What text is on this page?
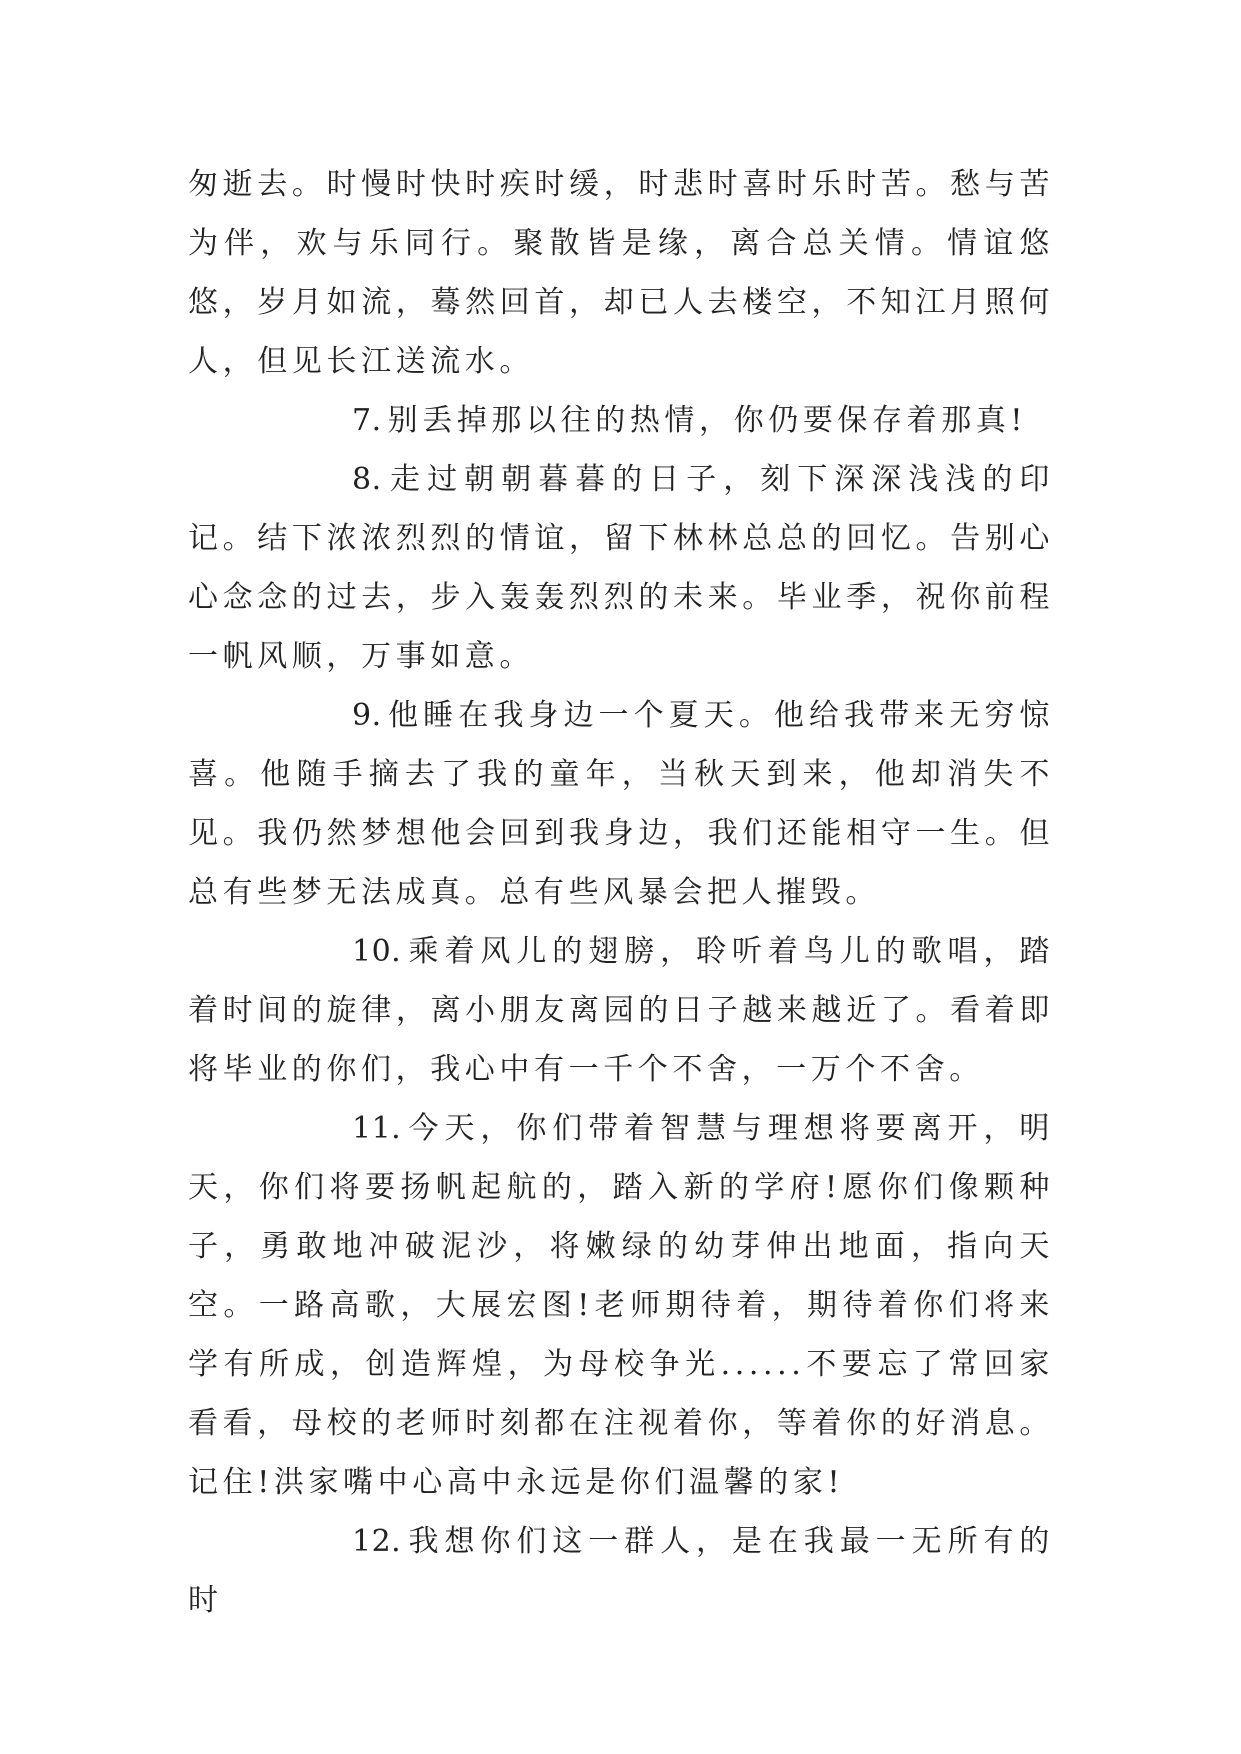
匆逝去。时慢时快时疾时缓，时悲时喜时乐时苦。愁与苦为伴，欢与乐同行。聚散皆是缘，离合总关情。情谊悠悠，岁月如流，蓦然回首，却已人去楼空，不知江月照何人，但见长江送流水。

7. 别丢掉那以往的热情，你仍要保存着那真!

8. 走过朝朝暮暮的日子，刻下深深浅浅的印记。结下浓浓烈烈的情谊，留下林林总总的回忆。告别心心念念的过去，步入轰轰烈烈的未来。毕业季，祝你前程一帆风顺，万事如意。

9. 他睡在我身边一个夏天。他给我带来无穷惊喜。他随手摘去了我的童年，当秋天到来，他却消失不见。我仍然梦想他会回到我身边，我们还能相守一生。但总有些梦无法成真。总有些风暴会把人摧毁。

10. 乘着风儿的翅膀，聆听着鸟儿的歌唱，踏着时间的旋律，离小朋友离园的日子越来越近了。看着即将毕业的你们，我心中有一千个不舍，一万个不舍。

11. 今天，你们带着智慧与理想将要离开，明天，你们将要扬帆起航的，踏入新的学府!愿你们像颗种子，勇敢地冲破泥沙，将嫩绿的幼芽伸出地面，指向天空。一路高歌，大展宏图!老师期待着，期待着你们将来学有所成，创造辉煌，为母校争光......不要忘了常回家看看，母校的老师时刻都在注视着你，等着你的好消息。记住!洪家嘴中心高中永远是你们温馨的家!

12. 我想你们这一群人，是在我最一无所有的时
